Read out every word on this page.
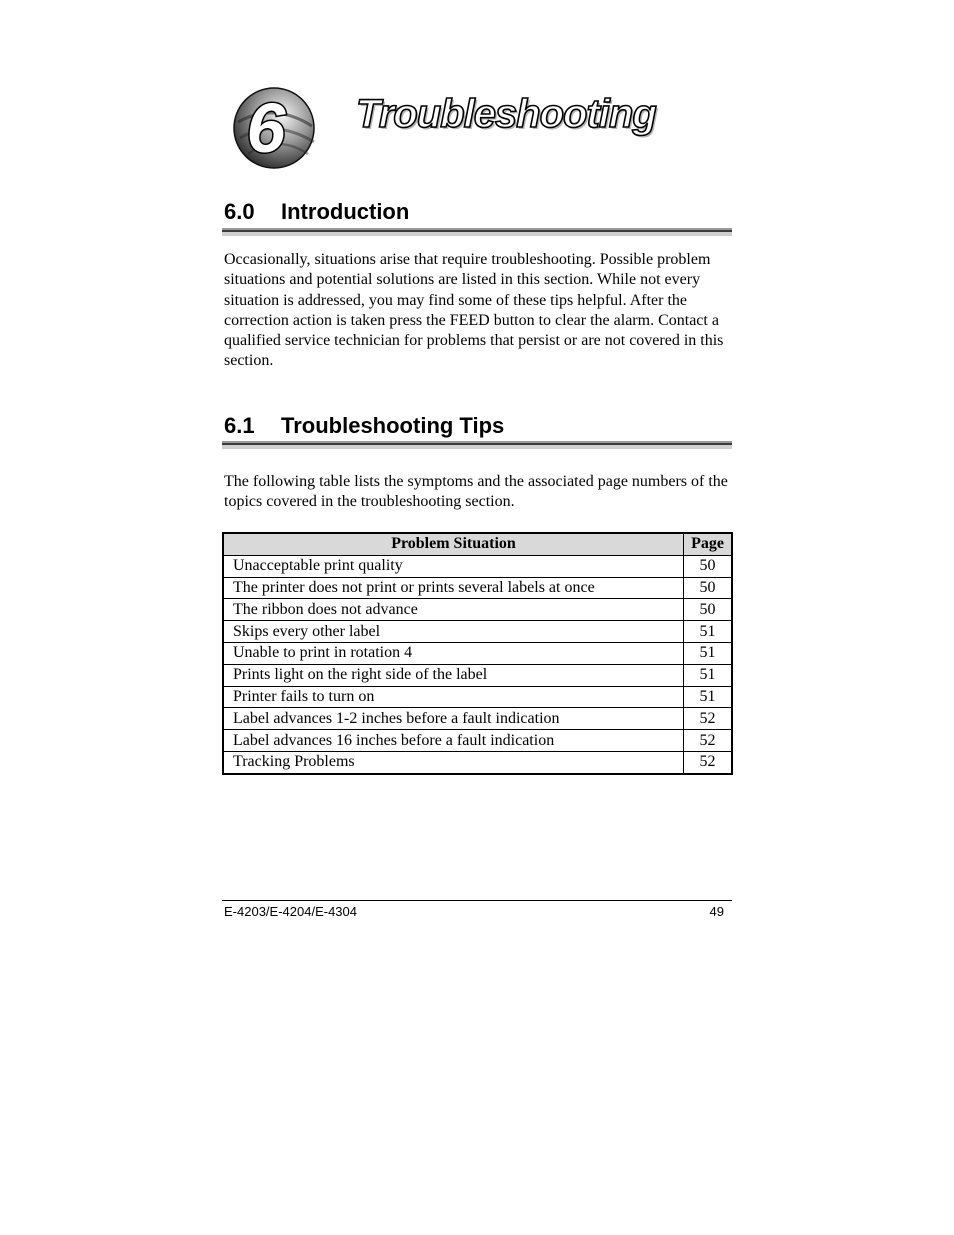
6 Troubleshooting
6.0 Introduction

Occasionally, situations arise that require troubleshooting. Possible problem situations and potential solutions are listed in this section. While not every situation is addressed, you may find some of these tips helpful. After the correction action is taken press the FEED button to clear the alarm. Contact a qualified service technician for problems that persist or are not covered in this section.

6.1 Troubleshooting Tips

The following table lists the symptoms and the associated page numbers of the topics covered in the troubleshooting section.

Problem Situation	Page
Unacceptable print quality	50
The printer does not print or prints several labels at once	50
The ribbon does not advance	50
Skips every other label	51
Unable to print in rotation 4	51
Prints light on the right side of the label	51
Printer fails to turn on	51
Label advances 1-2 inches before a fault indication	52
Label advances 16 inches before a fault indication	52
Tracking Problems	52
E-4203/E-4204/E-4304	49
